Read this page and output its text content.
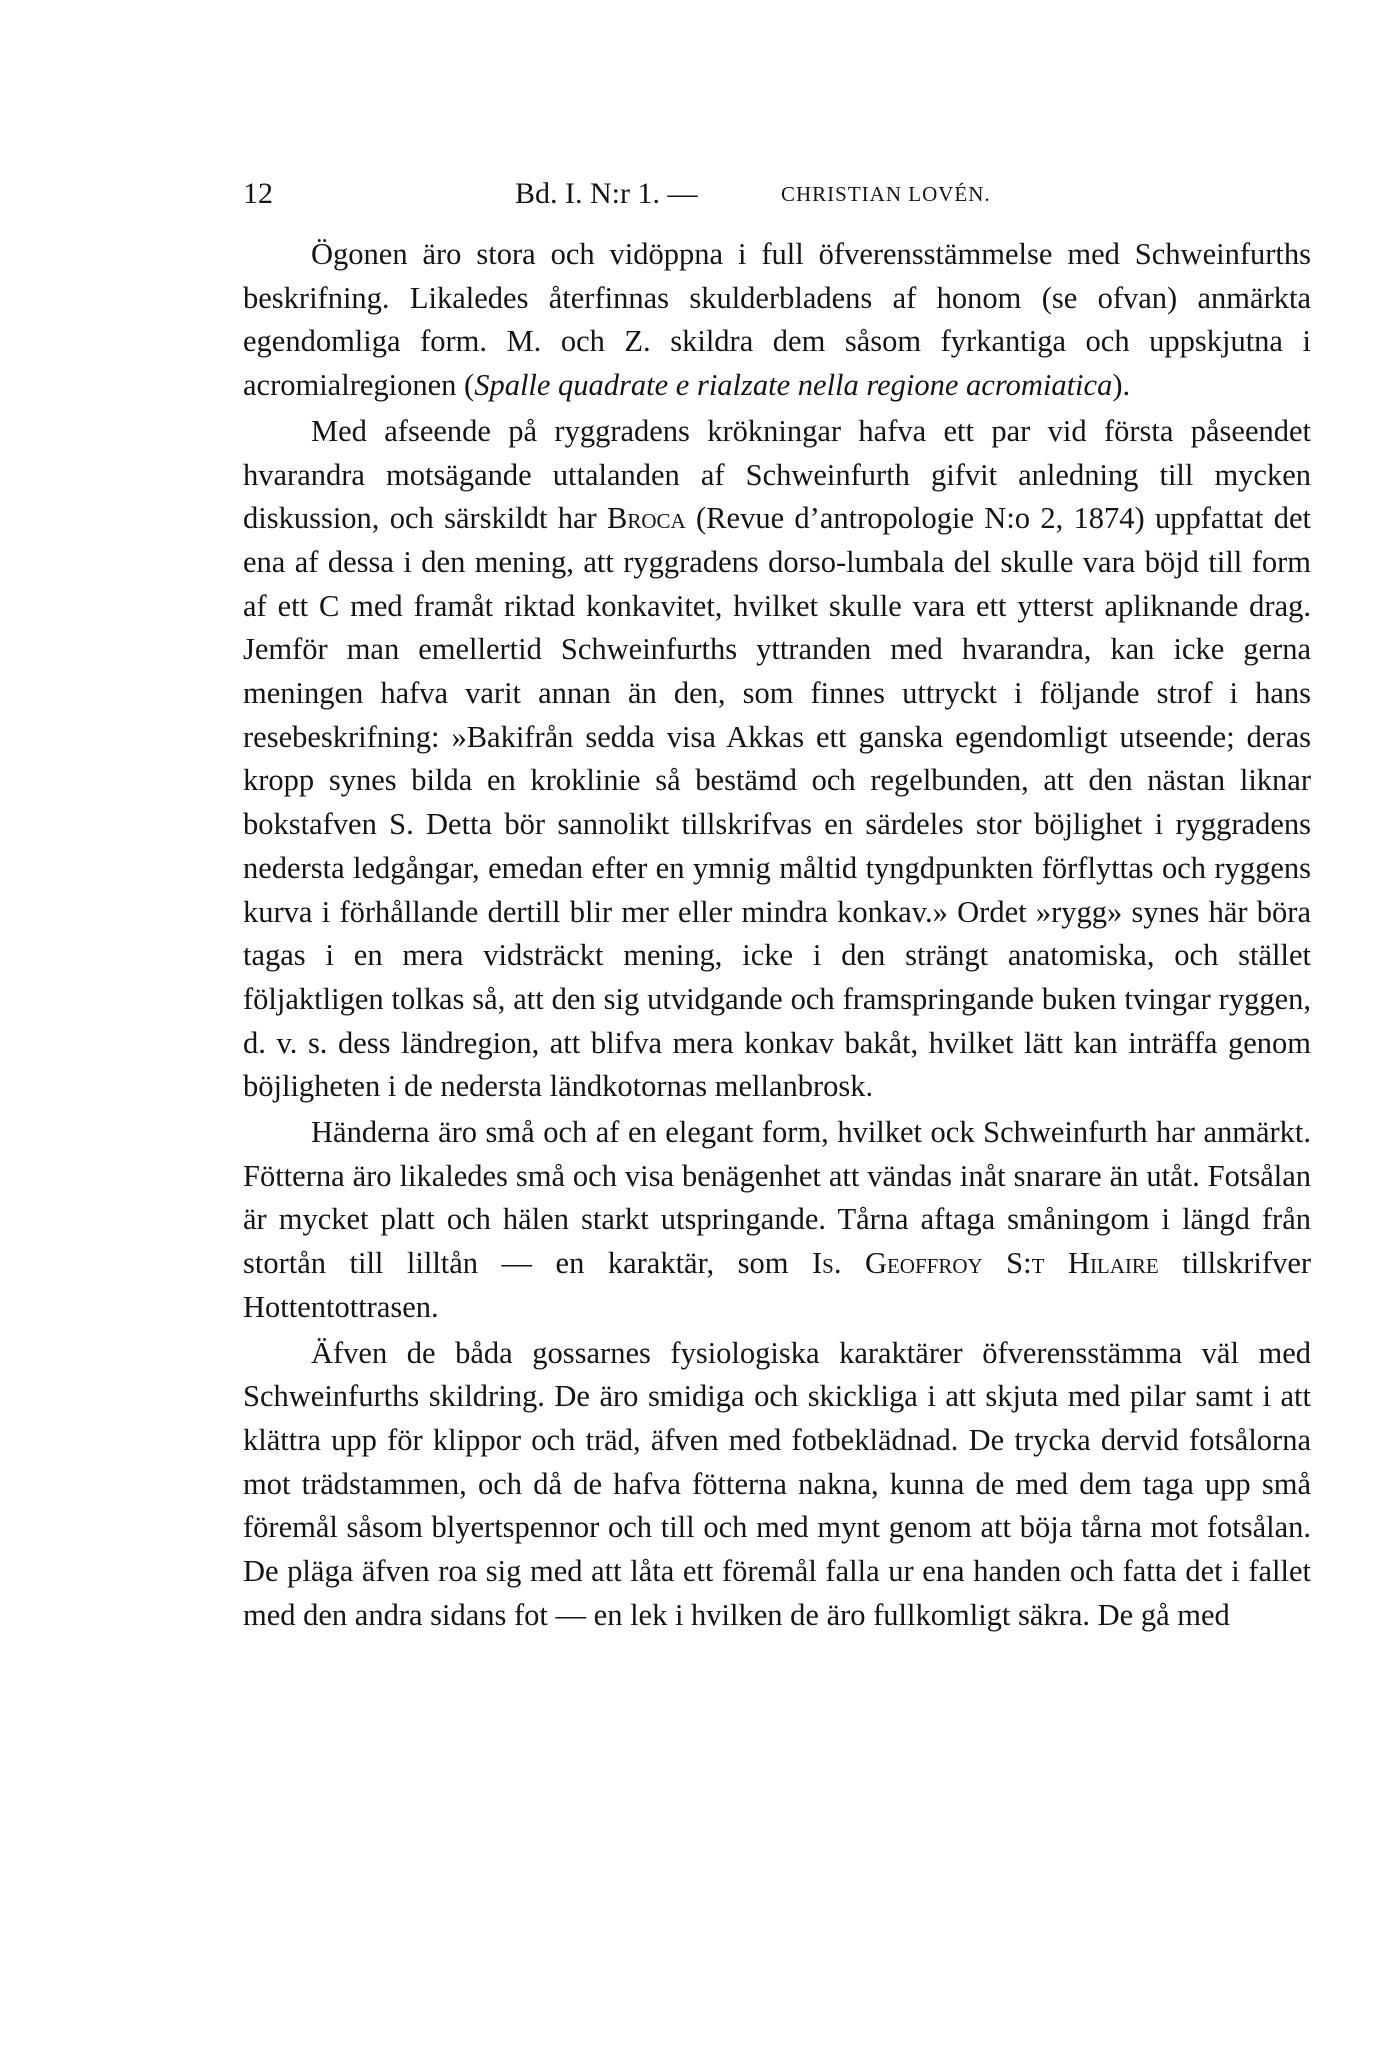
12	Bd. I. N:r 1. —	CHRISTIAN LOVÉN.

Ögonen äro stora och vidöppna i full öfverensstämmelse med Schweinfurths beskrifning. Likaledes återfinnas skulderbladens af honom (se ofvan) anmärkta egendomliga form. M. och Z. skildra dem såsom fyrkantiga och uppskjutna i acromialregionen (Spalle quadrate e rialzate nella regione acromiatica).

Med afseende på ryggradens krökningar hafva ett par vid första påseendet hvarandra motsägande uttalanden af Schweinfurth gifvit anledning till mycken diskussion, och särskildt har Broca (Revue d’antropologie N:o 2, 1874) uppfattat det ena af dessa i den mening, att ryggradens dorso-lumbala del skulle vara böjd till form af ett C med framåt riktad konkavitet, hvilket skulle vara ett ytterst apliknande drag. Jemför man emellertid Schweinfurths yttranden med hvarandra, kan icke gerna meningen hafva varit annan än den, som finnes uttryckt i följande strof i hans resebeskrifning: »Bakifrån sedda visa Akkas ett ganska egendomligt utseende; deras kropp synes bilda en kroklinie så bestämd och regelbunden, att den nästan liknar bokstafven S. Detta bör sannolikt tillskrifvas en särdeles stor böjlighet i ryggradens nedersta ledgångar, emedan efter en ymnig måltid tyngdpunkten förflyttas och ryggens kurva i förhållande dertill blir mer eller mindra konkav.» Ordet »rygg» synes här böra tagas i en mera vidsträckt mening, icke i den strängt anatomiska, och stället följaktligen tolkas så, att den sig utvidgande och framspringande buken tvingar ryggen, d. v. s. dess ländregion, att blifva mera konkav bakåt, hvilket lätt kan inträffa genom böjligheten i de nedersta ländkotornas mellanbrosk.

Händerna äro små och af en elegant form, hvilket ock Schweinfurth har anmärkt. Fötterna äro likaledes små och visa benägenhet att vändas inåt snarare än utåt. Fotsålan är mycket platt och hälen starkt utspringande. Tårna aftaga småningom i längd från stortån till lilltån — en karaktär, som Is. Geoffroy S:t Hilaire tillskrifver Hottentottrasen.

Äfven de båda gossarnes fysiologiska karaktärer öfverensstämma väl med Schweinfurths skildring. De äro smidiga och skickliga i att skjuta med pilar samt i att klättra upp för klippor och träd, äfven med fotbeklädnad. De trycka dervid fotsålorna mot trädstammen, och då de hafva fötterna nakna, kunna de med dem taga upp små föremål såsom blyertspennor och till och med mynt genom att böja tårna mot fotsålan. De pläga äfven roa sig med att låta ett föremål falla ur ena handen och fatta det i fallet med den andra sidans fot — en lek i hvilken de äro fullkomligt säkra. De gå med
